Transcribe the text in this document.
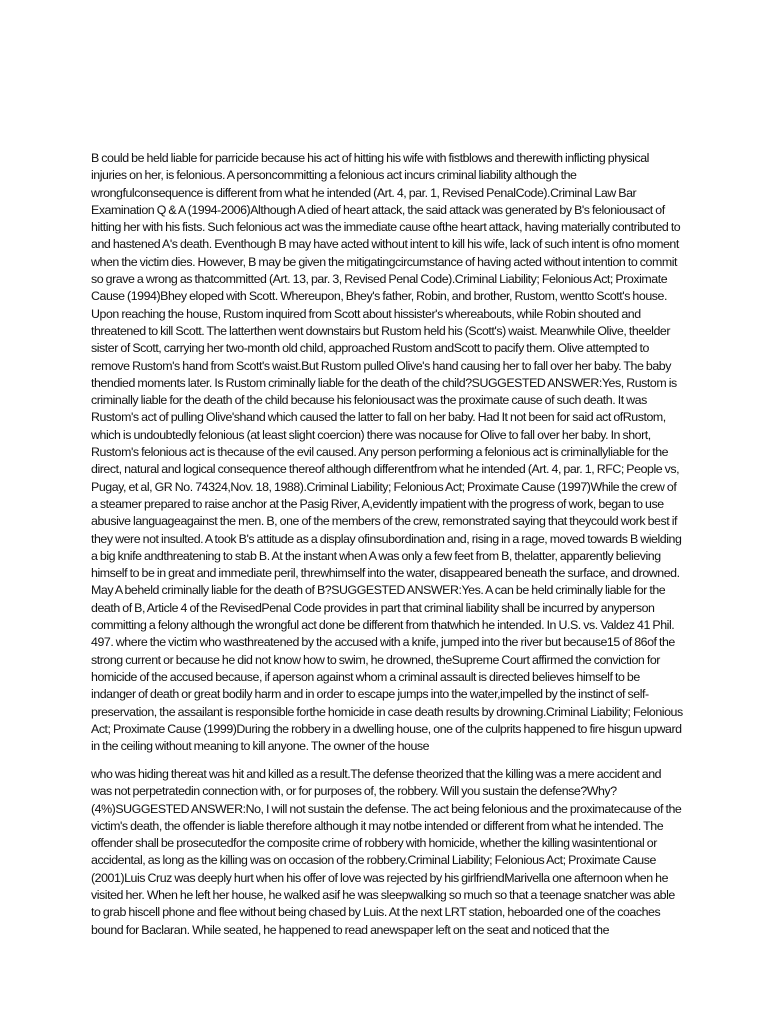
B could be held liable for parricide because his act of hitting his wife with fistblows and therewith inflicting physical injuries on her, is felonious. A personcommitting a felonious act incurs criminal liability although the wrongfulconsequence is different from what he intended (Art. 4, par. 1, Revised PenalCode).Criminal Law Bar Examination Q & A (1994-2006)Although A died of heart attack, the said attack was generated by B's feloniousact of hitting her with his fists. Such felonious act was the immediate cause ofthe heart attack, having materially contributed to and hastened A's death. Eventhough B may have acted without intent to kill his wife, lack of such intent is ofno moment when the victim dies. However, B may be given the mitigatingcircumstance of having acted without intention to commit so grave a wrong as thatcommitted (Art. 13, par. 3, Revised Penal Code).Criminal Liability; Felonious Act; Proximate Cause (1994)Bhey eloped with Scott. Whereupon, Bhey's father, Robin, and brother, Rustom, wentto Scott's house. Upon reaching the house, Rustom inquired from Scott about hissister's whereabouts, while Robin shouted and threatened to kill Scott. The latterthen went downstairs but Rustom held his (Scott's) waist. Meanwhile Olive, theelder sister of Scott, carrying her two-month old child, approached Rustom andScott to pacify them. Olive attempted to remove Rustom's hand from Scott's waist.But Rustom pulled Olive's hand causing her to fall over her baby. The baby thendied moments later. Is Rustom criminally liable for the death of the child?SUGGESTED ANSWER:Yes, Rustom is criminally liable for the death of the child because his feloniousact was the proximate cause of such death. It was Rustom's act of pulling Olive'shand which caused the latter to fall on her baby. Had It not been for said act ofRustom, which is undoubtedly felonious (at least slight coercion) there was nocause for Olive to fall over her baby. In short, Rustom's felonious act is thecause of the evil caused. Any person performing a felonious act is criminallyliable for the direct, natural and logical consequence thereof although differentfrom what he intended (Art. 4, par. 1, RFC; People vs, Pugay, et al, GR No. 74324,Nov. 18, 1988).Criminal Liability; Felonious Act; Proximate Cause (1997)While the crew of a steamer prepared to raise anchor at the Pasig River, A,evidently impatient with the progress of work, began to use abusive languageagainst the men. B, one of the members of the crew, remonstrated saying that theycould work best if they were not insulted. A took B's attitude as a display ofinsubordination and, rising in a rage, moved towards B wielding a big knife andthreatening to stab B. At the instant when A was only a few feet from B, thelatter, apparently believing himself to be in great and immediate peril, threwhimself into the water, disappeared beneath the surface, and drowned. May A beheld criminally liable for the death of B?SUGGESTED ANSWER:Yes. A can be held criminally liable for the death of B, Article 4 of the RevisedPenal Code provides in part that criminal liability shall be incurred by anyperson committing a felony although the wrongful act done be different from thatwhich he intended. In U.S. vs. Valdez 41 Phil. 497. where the victim who wasthreatened by the accused with a knife, jumped into the river but because15 of 86of the strong current or because he did not know how to swim, he drowned, theSupreme Court affirmed the conviction for homicide of the accused because, if aperson against whom a criminal assault is directed believes himself to be indanger of death or great bodily harm and in order to escape jumps into the water,impelled by the instinct of self-preservation, the assailant is responsible forthe homicide in case death results by drowning.Criminal Liability; Felonious Act; Proximate Cause (1999)During the robbery in a dwelling house, one of the culprits happened to fire hisgun upward in the ceiling without meaning to kill anyone. The owner of the house

who was hiding thereat was hit and killed as a result.The defense theorized that the killing was a mere accident and was not perpetratedin connection with, or for purposes of, the robbery. Will you sustain the defense?Why? (4%)SUGGESTED ANSWER:No, I will not sustain the defense. The act being felonious and the proximatecause of the victim's death, the offender is liable therefore although it may notbe intended or different from what he intended. The offender shall be prosecutedfor the composite crime of robbery with homicide, whether the killing wasintentional or accidental, as long as the killing was on occasion of the robbery.Criminal Liability; Felonious Act; Proximate Cause (2001)Luis Cruz was deeply hurt when his offer of love was rejected by his girlfriendMarivella one afternoon when he visited her. When he left her house, he walked asif he was sleepwalking so much so that a teenage snatcher was able to grab hiscell phone and flee without being chased by Luis. At the next LRT station, heboarded one of the coaches bound for Baclaran. While seated, he happened to read anewspaper left on the seat and noticed that the
